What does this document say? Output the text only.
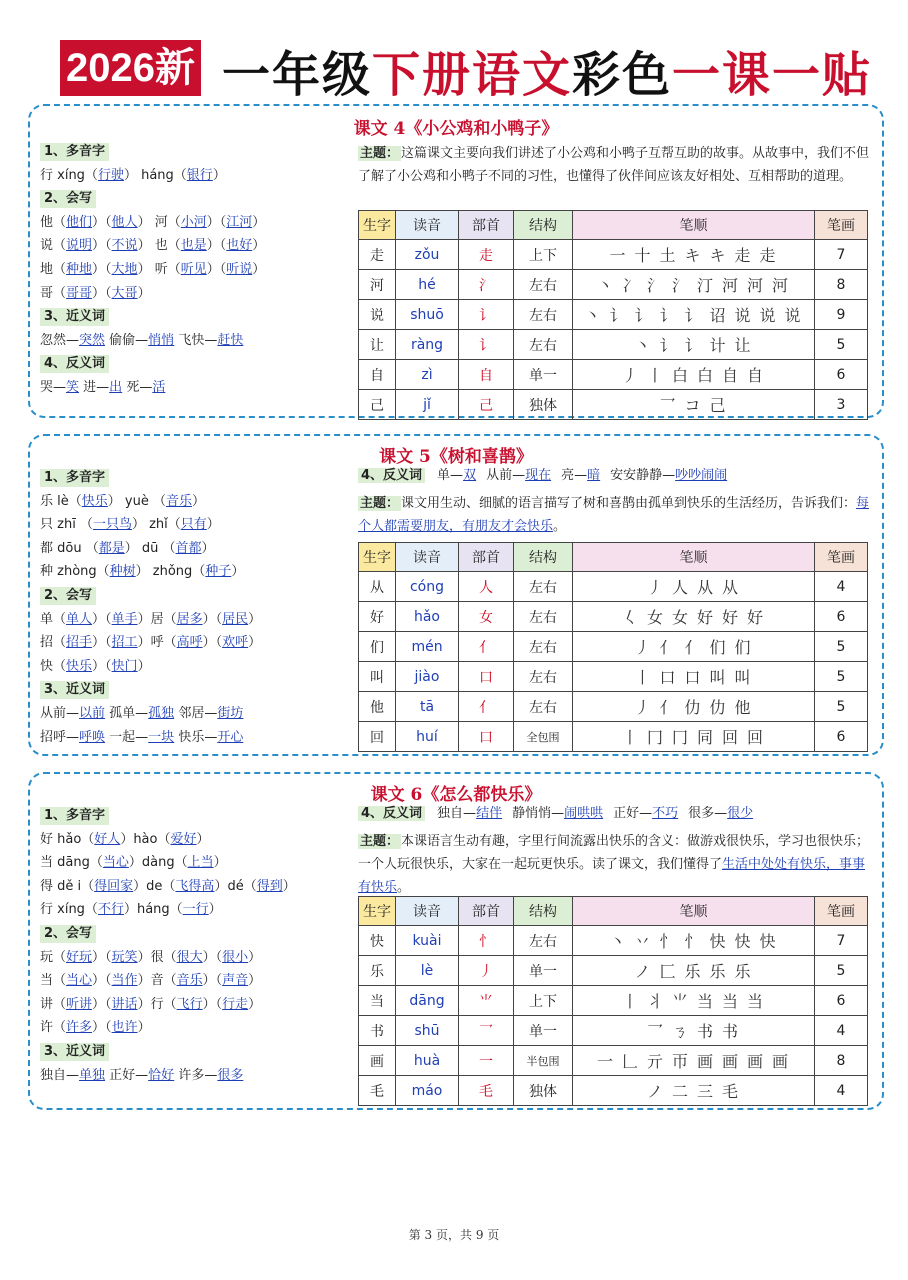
2026新 一年级下册语文彩色一课一贴
课文 4《小公鸡和小鸭子》
1、多音字
行 xíng（行驶） háng（银行）
2、会写
他（他们）（他人） 河（小河）（江河）
说（说明）（不说） 也（也是）（也好）
地（种地）（大地） 听（听见）（听说）
哥（哥哥）（大哥）
3、近义词
忽然—突然 偷偷—悄悄 飞快—赶快
4、反义词
哭—笑 进—出 死—活
主题： 这篇课文主要向我们讲述了小公鸡和小鸭子互帮互助的故事。从故事中，我们不但了解了小公鸡和小鸭子不同的习性，也懂得了伙伴间应该友好相处、互相帮助的道理。
生字	读音	部首	结构	笔顺	笔画
走	zǒu	走	上下	一 十 土 キ キ 走 走	7
河	hé	氵	左右	丶 冫 氵 氵 汀 河 河 河	8
说	shuō	讠	左右	丶 讠 讠 讠 讠 诏 说 说 说	9
让	ràng	讠	左右	丶 讠 讠 计 让	5
自	zì	自	单一	丿 丨 白 白 自 自	6
己	jǐ	己	独体	乛 コ 己	3
课文 5《树和喜鹊》
1、多音字
乐 lè（快乐） yuè （音乐）
只 zhī （一只鸟） zhǐ（只有）
都 dōu （都是） dū （首都）
种 zhòng（种树） zhǒng（种子）
2、会写
单（单人）（单手）居（居多）（居民）
招（招手）（招工）呼（高呼）（欢呼）
快（快乐）（快门）
3、近义词
从前—以前 孤单—孤独 邻居—街坊
招呼—呼唤 一起—一块 快乐—开心
4、反义词 单—双 从前—现在 亮—暗 安安静静—吵吵闹闹
主题： 课文用生动、细腻的语言描写了树和喜鹊由孤单到快乐的生活经历，告诉我们：每个人都需要朋友，有朋友才会快乐。
生字	读音	部首	结构	笔顺	笔画
从	cóng	人	左右	丿 人 从 从	4
好	hǎo	女	左右	𡿨 女 女 好 好 好	6
们	mén	亻	左右	丿 亻 亻 们 们	5
叫	jiào	口	左右	丨 口 口 叫 叫	5
他	tā	亻	左右	丿 亻 仂 仂 他	5
回	huí	口	全包围	丨 冂 冂 同 回 回	6
课文 6《怎么都快乐》
1、多音字
好 hǎo（好人）hào（爱好）
当 dāng（当心）dàng（上当）
得 dě i（得回家）de（飞得高）dé（得到）
行 xíng（不行）háng（一行）
2、会写
玩（好玩）（玩笑）很（很大）（很小）
当（当心）（当作）音（音乐）（声音）
讲（听讲）（讲话）行（飞行）（行走）
许（许多）（也许）
3、近义词
独自—单独 正好—恰好 许多—很多
4、反义词 独自—结伴 静悄悄—闹哄哄 正好—不巧 很多—很少
主题： 本课语言生动有趣，字里行间流露出快乐的含义：做游戏很快乐，学习也很快乐；一个人玩很快乐，大家在一起玩更快乐。读了课文，我们懂得了生活中处处有快乐，事事有快乐。
生字	读音	部首	结构	笔顺	笔画
快	kuài	忄	左右	丶 丷 忄 忄 快 快 快	7
乐	lè	丿	单一	ノ 匚 乐 乐 乐	5
当	dāng	⺌	上下	丨 丬 ⺌ 当 当 当	6
书	shū	乛	单一	乛 ㄋ 书 书	4
画	huà	一	半包围	一 𠃊 亓 帀 画 画 画 画	8
毛	máo	毛	独体	ノ 二 三 毛	4
第 3 页，共 9 页
